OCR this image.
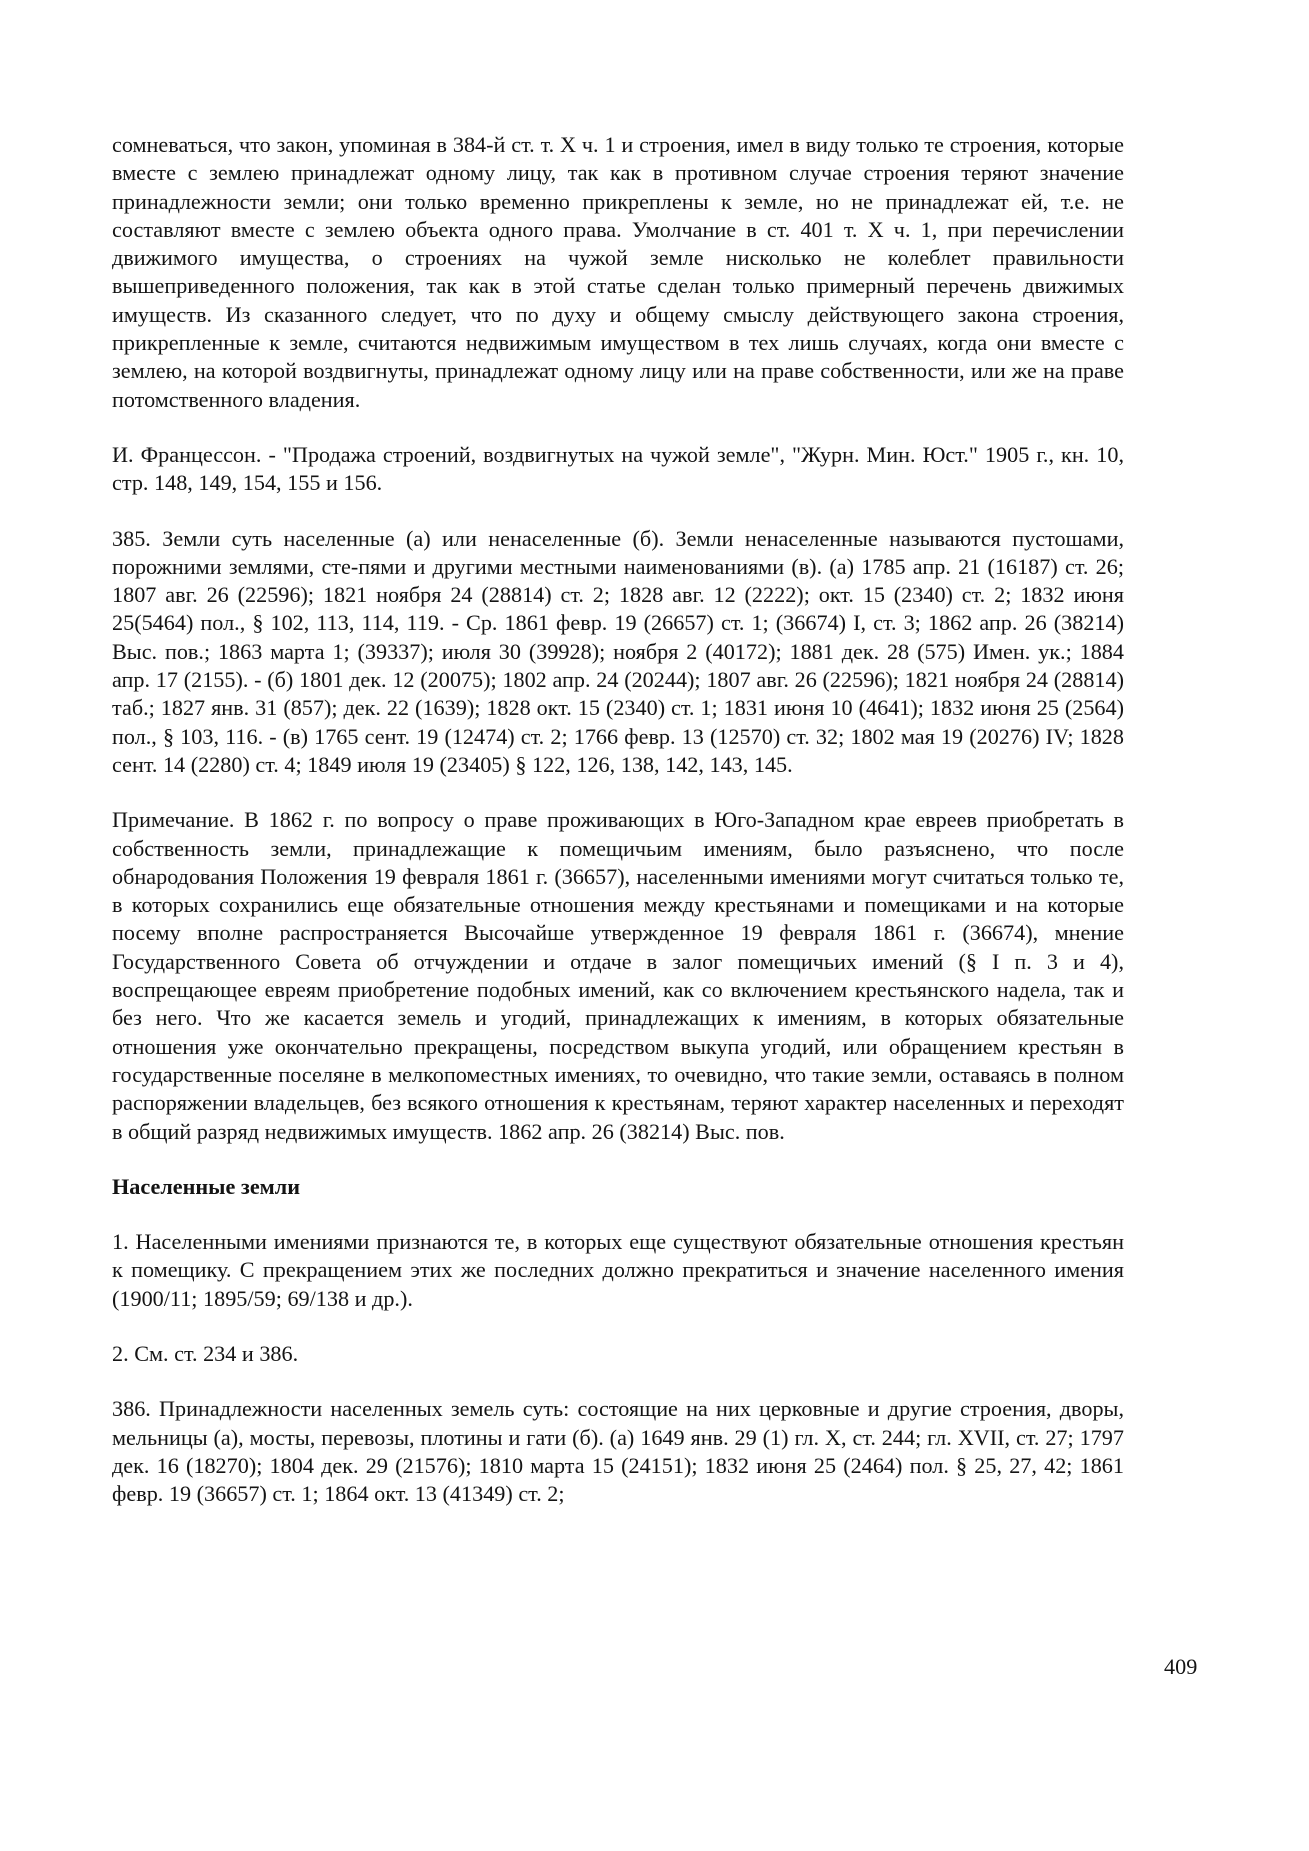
сомневаться, что закон, упоминая в 384-й ст. т. X ч. 1 и строения, имел в виду только те строения, которые вместе с землею принадлежат одному лицу, так как в противном случае строения теряют значение принадлежности земли; они только временно прикреплены к земле, но не принадлежат ей, т.е. не составляют вместе с землею объекта одного права. Умолчание в ст. 401 т. X ч. 1, при перечислении движимого имущества, о строениях на чужой земле нисколько не колеблет правильности вышеприведенного положения, так как в этой статье сделан только примерный перечень движимых имуществ. Из сказанного следует, что по духу и общему смыслу действующего закона строения, прикрепленные к земле, считаются недвижимым имуществом в тех лишь случаях, когда они вместе с землею, на которой воздвигнуты, принадлежат одному лицу или на праве собственности, или же на праве потомственного владения.

И. Францессон. - "Продажа строений, воздвигнутых на чужой земле", "Журн. Мин. Юст." 1905 г., кн. 10, стр. 148, 149, 154, 155 и 156.

385. Земли суть населенные (а) или ненаселенные (б). Земли ненаселенные называются пустошами, порожними землями, сте-пями и другими местными наименованиями (в). (а) 1785 апр. 21 (16187) ст. 26; 1807 авг. 26 (22596); 1821 ноября 24 (28814) ст. 2; 1828 авг. 12 (2222); окт. 15 (2340) ст. 2; 1832 июня 25(5464) пол., § 102, 113, 114, 119. - Ср. 1861 февр. 19 (26657) ст. 1; (36674) I, ст. 3; 1862 апр. 26 (38214) Выс. пов.; 1863 марта 1; (39337); июля 30 (39928); ноября 2 (40172); 1881 дек. 28 (575) Имен. ук.; 1884 апр. 17 (2155). - (б) 1801 дек. 12 (20075); 1802 апр. 24 (20244); 1807 авг. 26 (22596); 1821 ноября 24 (28814) таб.; 1827 янв. 31 (857); дек. 22 (1639); 1828 окт. 15 (2340) ст. 1; 1831 июня 10 (4641); 1832 июня 25 (2564) пол., § 103, 116. - (в) 1765 сент. 19 (12474) ст. 2; 1766 февр. 13 (12570) ст. 32; 1802 мая 19 (20276) IV; 1828 сент. 14 (2280) ст. 4; 1849 июля 19 (23405) § 122, 126, 138, 142, 143, 145.

Примечание. В 1862 г. по вопросу о праве проживающих в Юго-Западном крае евреев приобретать в собственность земли, принадлежащие к помещичьим имениям, было разъяснено, что после обнародования Положения 19 февраля 1861 г. (36657), населенными имениями могут считаться только те, в которых сохранились еще обязательные отношения между крестьянами и помещиками и на которые посему вполне распространяется Высочайше утвержденное 19 февраля 1861 г. (36674), мнение Государственного Совета об отчуждении и отдаче в залог помещичьих имений (§ I п. 3 и 4), воспрещающее евреям приобретение подобных имений, как со включением крестьянского надела, так и без него. Что же касается земель и угодий, принадлежащих к имениям, в которых обязательные отношения уже окончательно прекращены, посредством выкупа угодий, или обращением крестьян в государственные поселяне в мелкопоместных имениях, то очевидно, что такие земли, оставаясь в полном распоряжении владельцев, без всякого отношения к крестьянам, теряют характер населенных и переходят в общий разряд недвижимых имуществ. 1862 апр. 26 (38214) Выс. пов.

Населенные земли

1. Населенными имениями признаются те, в которых еще существуют обязательные отношения крестьян к помещику. С прекращением этих же последних должно прекратиться и значение населенного имения (1900/11; 1895/59; 69/138 и др.).

2. См. ст. 234 и 386.

386. Принадлежности населенных земель суть: состоящие на них церковные и другие строения, дворы, мельницы (а), мосты, перевозы, плотины и гати (б). (а) 1649 янв. 29 (1) гл. X, ст. 244; гл. XVII, ст. 27; 1797 дек. 16 (18270); 1804 дек. 29 (21576); 1810 марта 15 (24151); 1832 июня 25 (2464) пол. § 25, 27, 42; 1861 февр. 19 (36657) ст. 1; 1864 окт. 13 (41349) ст. 2;

409
